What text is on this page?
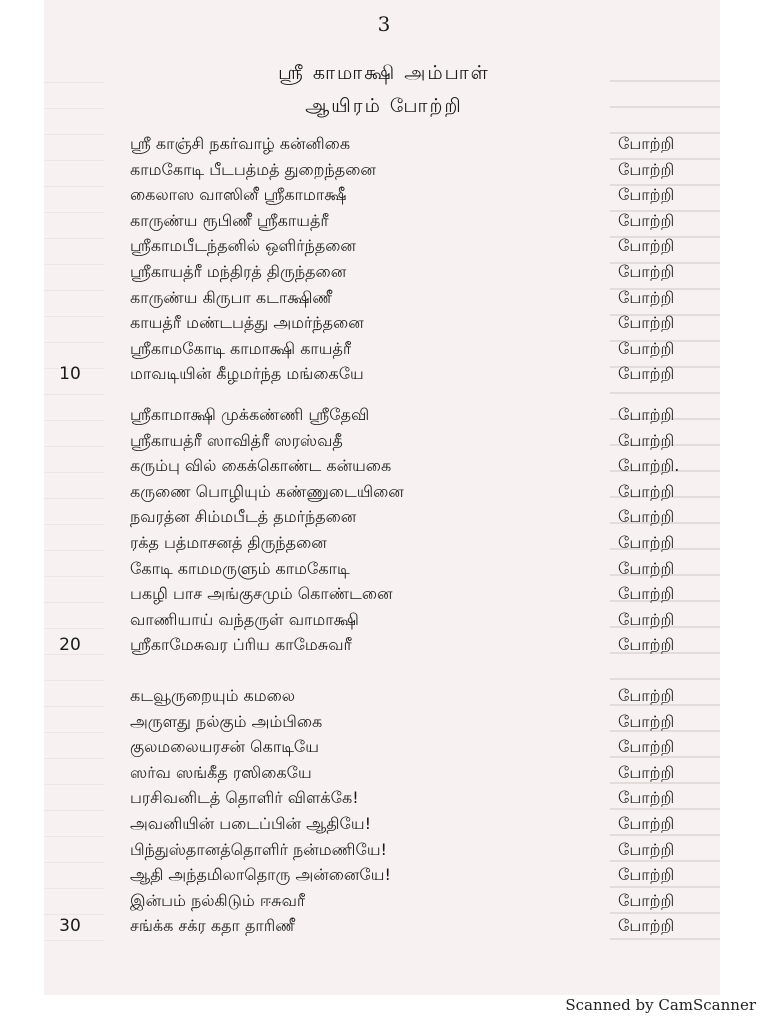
3
ஸ்ரீ காமாக்ஷி அம்பாள்
ஆயிரம் போற்றி
ஸ்ரீ காஞ்சி நகர்வாழ் கன்னிகை	போற்றி
காமகோடி பீடபத்மத் துறைந்தனை	போற்றி
கைலாஸ வாஸினீ ஸ்ரீகாமாக்ஷீ	போற்றி
காருண்ய ரூபிணீ ஸ்ரீகாயத்ரீ	போற்றி
ஸ்ரீகாமபீடந்தனில் ஒளிர்ந்தனை	போற்றி
ஸ்ரீகாயத்ரீ மந்திரத் திருந்தனை	போற்றி
காருண்ய கிருபா கடாக்ஷிணீ	போற்றி
காயத்ரீ மண்டபத்து அமர்ந்தனை	போற்றி
ஸ்ரீகாமகோடி காமாக்ஷி காயத்ரீ	போற்றி
10	மாவடியின் கீழமர்ந்த மங்கையே	போற்றி
ஸ்ரீகாமாக்ஷி முக்கண்ணி ஸ்ரீதேவி	போற்றி
ஸ்ரீகாயத்ரீ ஸாவித்ரீ ஸரஸ்வதீ	போற்றி
கரும்பு வில் கைக்கொண்ட கன்யகை	போற்றி.
கருணை பொழியும் கண்ணுடையினை	போற்றி
நவரத்ன சிம்மபீடத் தமர்ந்தனை	போற்றி
ரக்த பத்மாசனத் திருந்தனை	போற்றி
கோடி காமமருளும் காமகோடி	போற்றி
பகழி பாச அங்குசமும் கொண்டனை	போற்றி
வாணியாய் வந்தருள் வாமாக்ஷி	போற்றி
20	ஸ்ரீகாமேசுவர ப்ரிய காமேசுவரீ	போற்றி
கடவூருறையும் கமலை	போற்றி
அருளது நல்கும் அம்பிகை	போற்றி
குலமலையரசன் கொடியே	போற்றி
ஸர்வ ஸங்கீத ரஸிகையே	போற்றி
பரசிவனிடத் தொளிர் விளக்கே!	போற்றி
அவனியின் படைப்பின் ஆதியே!	போற்றி
பிந்துஸ்தானத்தொளிர் நன்மணியே!	போற்றி
ஆதி அந்தமிலாதொரு அன்னையே!	போற்றி
இன்பம் நல்கிடும் ஈசுவரீ	போற்றி
30	சங்க்க சக்ர கதா தாரிணீ	போற்றி
Scanned by CamScanner
